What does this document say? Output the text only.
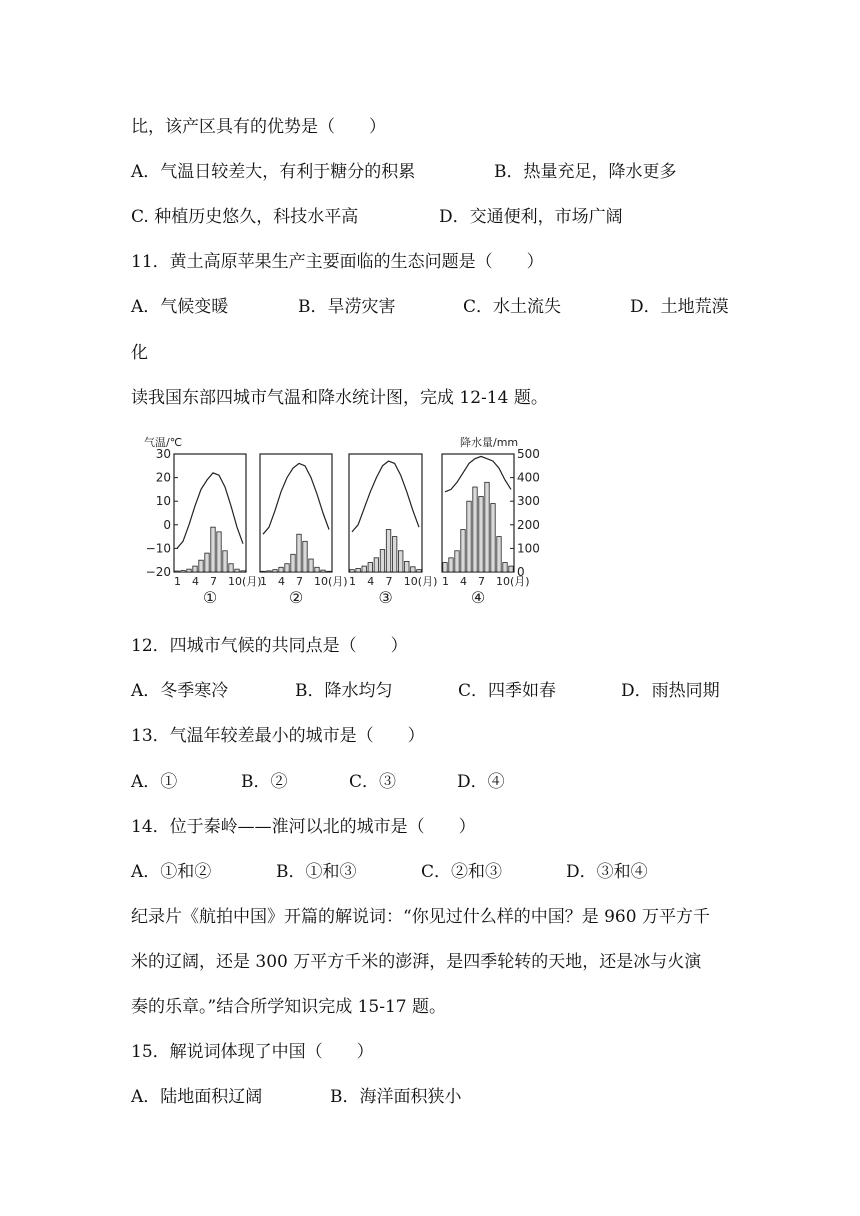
比，该产区具有的优势是（　　）
A．气温日较差大，有利于糖分的积累	B．热量充足，降水更多
C. 种植历史悠久，科技水平高	D．交通便利，市场广阔
11．黄土高原苹果生产主要面临的生态问题是（　　）
A．气候变暖	B．旱涝灾害	C．水土流失	D．土地荒漠
化
读我国东部四城市气温和降水统计图，完成 12-14 题。
气温/℃	降水量/mm
30
20
10
0
−10
−20
500
400
300
200
100
0
1 4 7 10(月)
①
1 4 7 10(月)
②
1 4 7 10(月)
③
1 4 7 10(月)
④
12．四城市气候的共同点是（　　）
A．冬季寒冷	B．降水均匀	C．四季如春	D．雨热同期
13．气温年较差最小的城市是（　　）
A．①	B．②	C．③	D．④
14．位于秦岭——淮河以北的城市是（　　）
A．①和②	B．①和③	C．②和③	D．③和④
纪录片《航拍中国》开篇的解说词：“你见过什么样的中国？是 960 万平方千
米的辽阔，还是 300 万平方千米的澎湃，是四季轮转的天地，还是冰与火演
奏的乐章。”结合所学知识完成 15-17 题。
15．解说词体现了中国（　　）
A．陆地面积辽阔	B．海洋面积狭小
